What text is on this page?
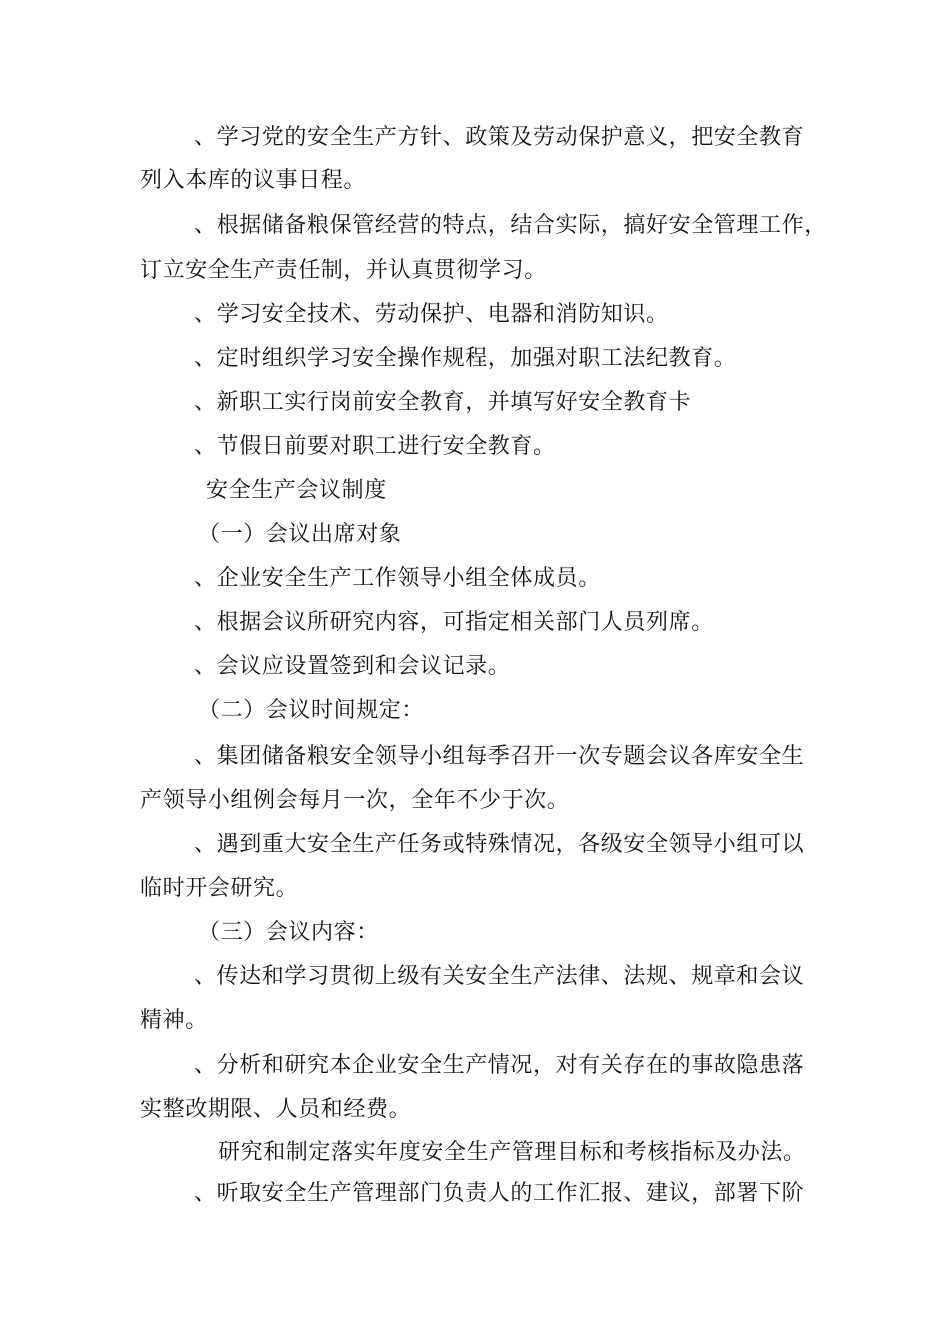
、学习党的安全生产方针、政策及劳动保护意义，把安全教育
列入本库的议事日程。
、根据储备粮保管经营的特点，结合实际，搞好安全管理工作，
订立安全生产责任制，并认真贯彻学习。
、学习安全技术、劳动保护、电器和消防知识。
、定时组织学习安全操作规程，加强对职工法纪教育。
、新职工实行岗前安全教育，并填写好安全教育卡
、节假日前要对职工进行安全教育。
安全生产会议制度
（一）会议出席对象
、企业安全生产工作领导小组全体成员。
、根据会议所研究内容，可指定相关部门人员列席。
、会议应设置签到和会议记录。
（二）会议时间规定：
、集团储备粮安全领导小组每季召开一次专题会议各库安全生
产领导小组例会每月一次，全年不少于次。
、遇到重大安全生产任务或特殊情况，各级安全领导小组可以
临时开会研究。
（三）会议内容：
、传达和学习贯彻上级有关安全生产法律、法规、规章和会议
精神。
、分析和研究本企业安全生产情况，对有关存在的事故隐患落
实整改期限、人员和经费。
研究和制定落实年度安全生产管理目标和考核指标及办法。
、听取安全生产管理部门负责人的工作汇报、建议，部署下阶
